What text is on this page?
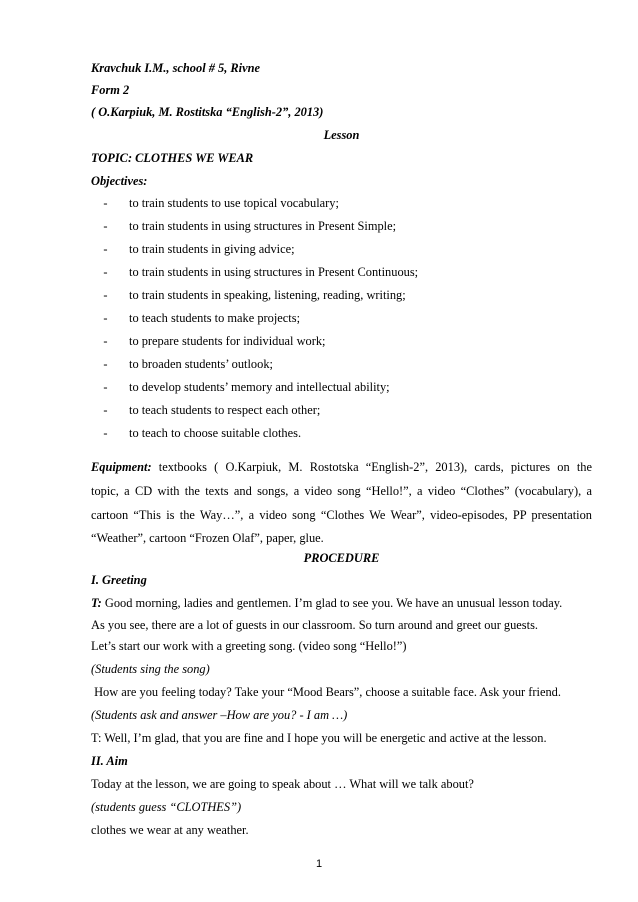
Kravchuk I.M., school # 5, Rivne
Form 2
( O.Karpiuk, M. Rostitska “English-2”, 2013)
Lesson
TOPIC: CLOTHES WE WEAR
Objectives:
- to train students to use topical vocabulary;
- to train students in using structures in Present Simple;
- to train students in giving advice;
- to train students in using structures in Present Continuous;
- to train students in speaking, listening, reading, writing;
- to teach students to make projects;
- to prepare students for individual work;
- to broaden students’ outlook;
- to develop students’ memory and intellectual ability;
- to teach students to respect each other;
- to teach to choose suitable clothes.
Equipment: textbooks ( O.Karpiuk, M. Rostotska “English-2”, 2013), cards, pictures on the
topic, a CD with the texts and songs, a video song “Hello!”, a video “Clothes” (vocabulary), a
cartoon “This is the Way…”, a video song “Clothes We Wear”, video-episodes, PP presentation
“Weather”, cartoon “Frozen Olaf”, paper, glue.
PROCEDURE
I. Greeting
T: Good morning, ladies and gentlemen. I’m glad to see you. We have an unusual lesson today.
As you see, there are a lot of guests in our classroom. So turn around and greet our guests.
Let’s start our work with a greeting song. (video song “Hello!”)
(Students sing the song)
How are you feeling today? Take your “Mood Bears”, choose a suitable face. Ask your friend.
(Students ask and answer –How are you? - I am …)
T: Well, I’m glad, that you are fine and I hope you will be energetic and active at the lesson.
II. Aim
Today at the lesson, we are going to speak about … What will we talk about?
(students guess “CLOTHES”)
clothes we wear at any weather.
1
